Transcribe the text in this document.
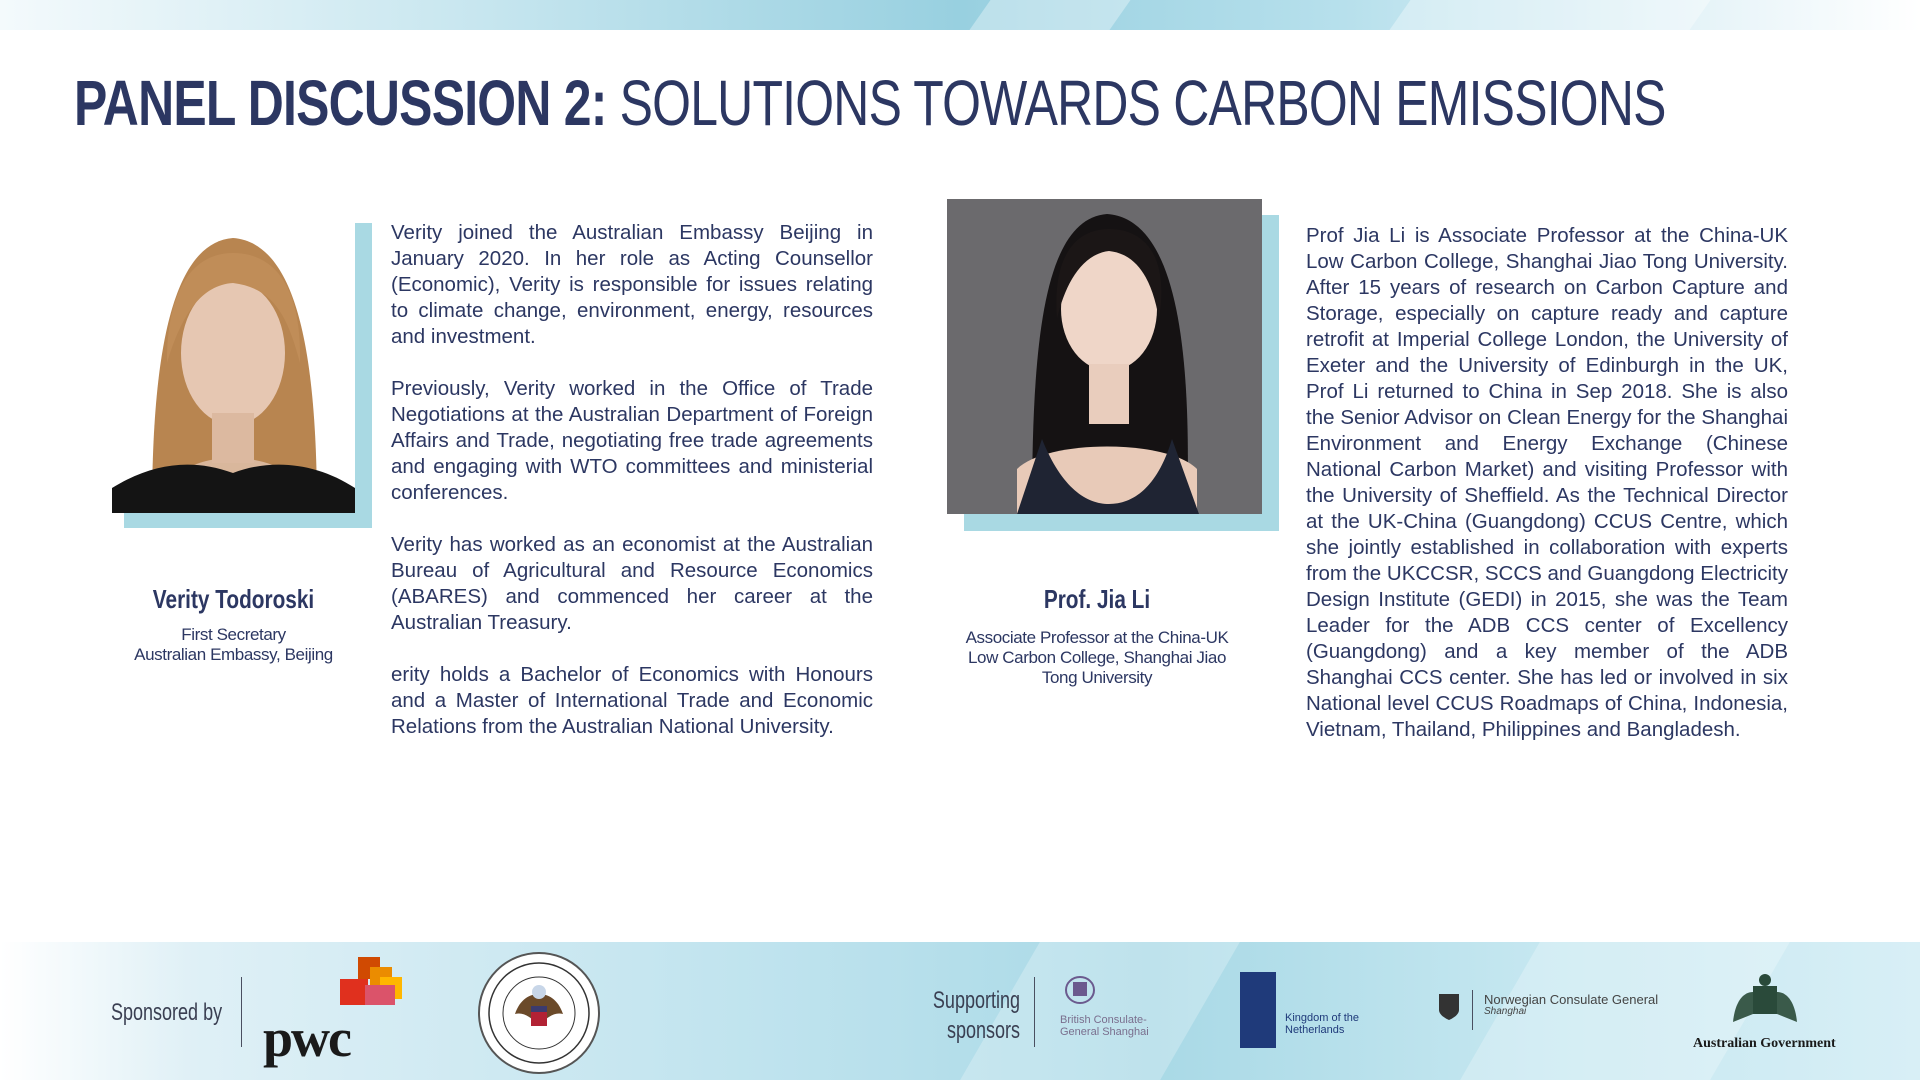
PANEL DISCUSSION 2: SOLUTIONS TOWARDS CARBON EMISSIONS
Verity Todoroski
First Secretary
Australian Embassy, Beijing

Verity joined the Australian Embassy Beijing in January 2020. In her role as Acting Counsellor (Economic), Verity is responsible for issues relating to climate change, environment, energy, resources and investment.

Previously, Verity worked in the Office of Trade Negotiations at the Australian Department of Foreign Affairs and Trade, negotiating free trade agreements and engaging with WTO committees and ministerial conferences.

Verity has worked as an economist at the Australian Bureau of Agricultural and Resource Economics (ABARES) and commenced her career at the Australian Treasury.

erity holds a Bachelor of Economics with Honours and a Master of International Trade and Economic Relations from the Australian National University.

Prof. Jia Li
Associate Professor at the China-UK Low Carbon College, Shanghai Jiao Tong University

Prof Jia Li is Associate Professor at the China-UK Low Carbon College, Shanghai Jiao Tong University. After 15 years of research on Carbon Capture and Storage, especially on capture ready and capture retrofit at Imperial College London, the University of Exeter and the University of Edinburgh in the UK, Prof Li returned to China in Sep 2018. She is also the Senior Advisor on Clean Energy for the Shanghai Environment and Energy Exchange (Chinese National Carbon Market) and visiting Professor with the University of Sheffield. As the Technical Director at the UK-China (Guangdong) CCUS Centre, which she jointly established in collaboration with experts from the UKCCSR, SCCS and Guangdong Electricity Design Institute (GEDI) in 2015, she was the Team Leader for the ADB CCS center of Excellency (Guangdong) and a key member of the ADB Shanghai CCS center. She has led or involved in six National level CCUS Roadmaps of China, Indonesia, Vietnam, Thailand, Philippines and Bangladesh.

Sponsored by pwc
Supporting
sponsors	British Consulate-General Shanghai
Kingdom of the Netherlands
Norwegian Consulate General
Shanghai
Australian Government
